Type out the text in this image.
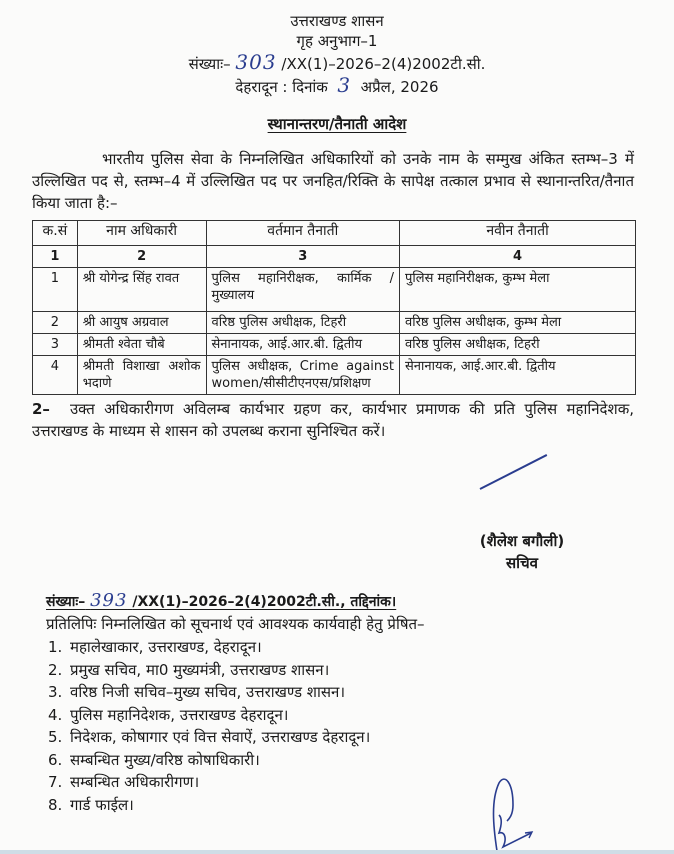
उत्तराखण्ड शासन
गृह अनुभाग–1
संख्याः– 303 /XX(1)–2026–2(4)2002टी.सी.
देहरादून : दिनांक 3 अप्रैल, 2026
स्थानान्तरण/तैनाती आदेश
भारतीय पुलिस सेवा के निम्नलिखित अधिकारियों को उनके नाम के सम्मुख अंकित स्तम्भ–3 में उल्लिखित पद से, स्तम्भ–4 में उल्लिखित पद पर जनहित/रिक्ति के सापेक्ष तत्काल प्रभाव से स्थानान्तरित/तैनात किया जाता है:–
क.सं	नाम अधिकारी	वर्तमान तैनाती	नवीन तैनाती
1	2	3	4
1	श्री योगेन्द्र सिंह रावत	पुलिस महानिरीक्षक, कार्मिक /मुख्यालय	पुलिस महानिरीक्षक, कुम्भ मेला
2	श्री आयुष अग्रवाल	वरिष्ठ पुलिस अधीक्षक, टिहरी	वरिष्ठ पुलिस अधीक्षक, कुम्भ मेला
3	श्रीमती श्वेता चौबे	सेनानायक, आई.आर.बी. द्वितीय	वरिष्ठ पुलिस अधीक्षक, टिहरी
4	श्रीमती विशाखा अशोक भदाणे	पुलिस अधीक्षक, Crime against women/सीसीटीएनएस/प्रशिक्षण	सेनानायक, आई.आर.बी. द्वितीय
2– उक्त अधिकारीगण अविलम्ब कार्यभार ग्रहण कर, कार्यभार प्रमाणक की प्रति पुलिस महानिदेशक, उत्तराखण्ड के माध्यम से शासन को उपलब्ध कराना सुनिश्चित करें।
(शैलेश बगौली)
सचिव
संख्याः– 393 /XX(1)–2026–2(4)2002टी.सी., तद्दिनांक।
प्रतिलिपिः निम्नलिखित को सूचनार्थ एवं आवश्यक कार्यवाही हेतु प्रेषित–
1. महालेखाकार, उत्तराखण्ड, देहरादून।
2. प्रमुख सचिव, मा0 मुख्यमंत्री, उत्तराखण्ड शासन।
3. वरिष्ठ निजी सचिव–मुख्य सचिव, उत्तराखण्ड शासन।
4. पुलिस महानिदेशक, उत्तराखण्ड देहरादून।
5. निदेशक, कोषागार एवं वित्त सेवाऐं, उत्तराखण्ड देहरादून।
6. सम्बन्धित मुख्य/वरिष्ठ कोषाधिकारी।
7. सम्बन्धित अधिकारीगण।
8. गार्ड फाईल।
